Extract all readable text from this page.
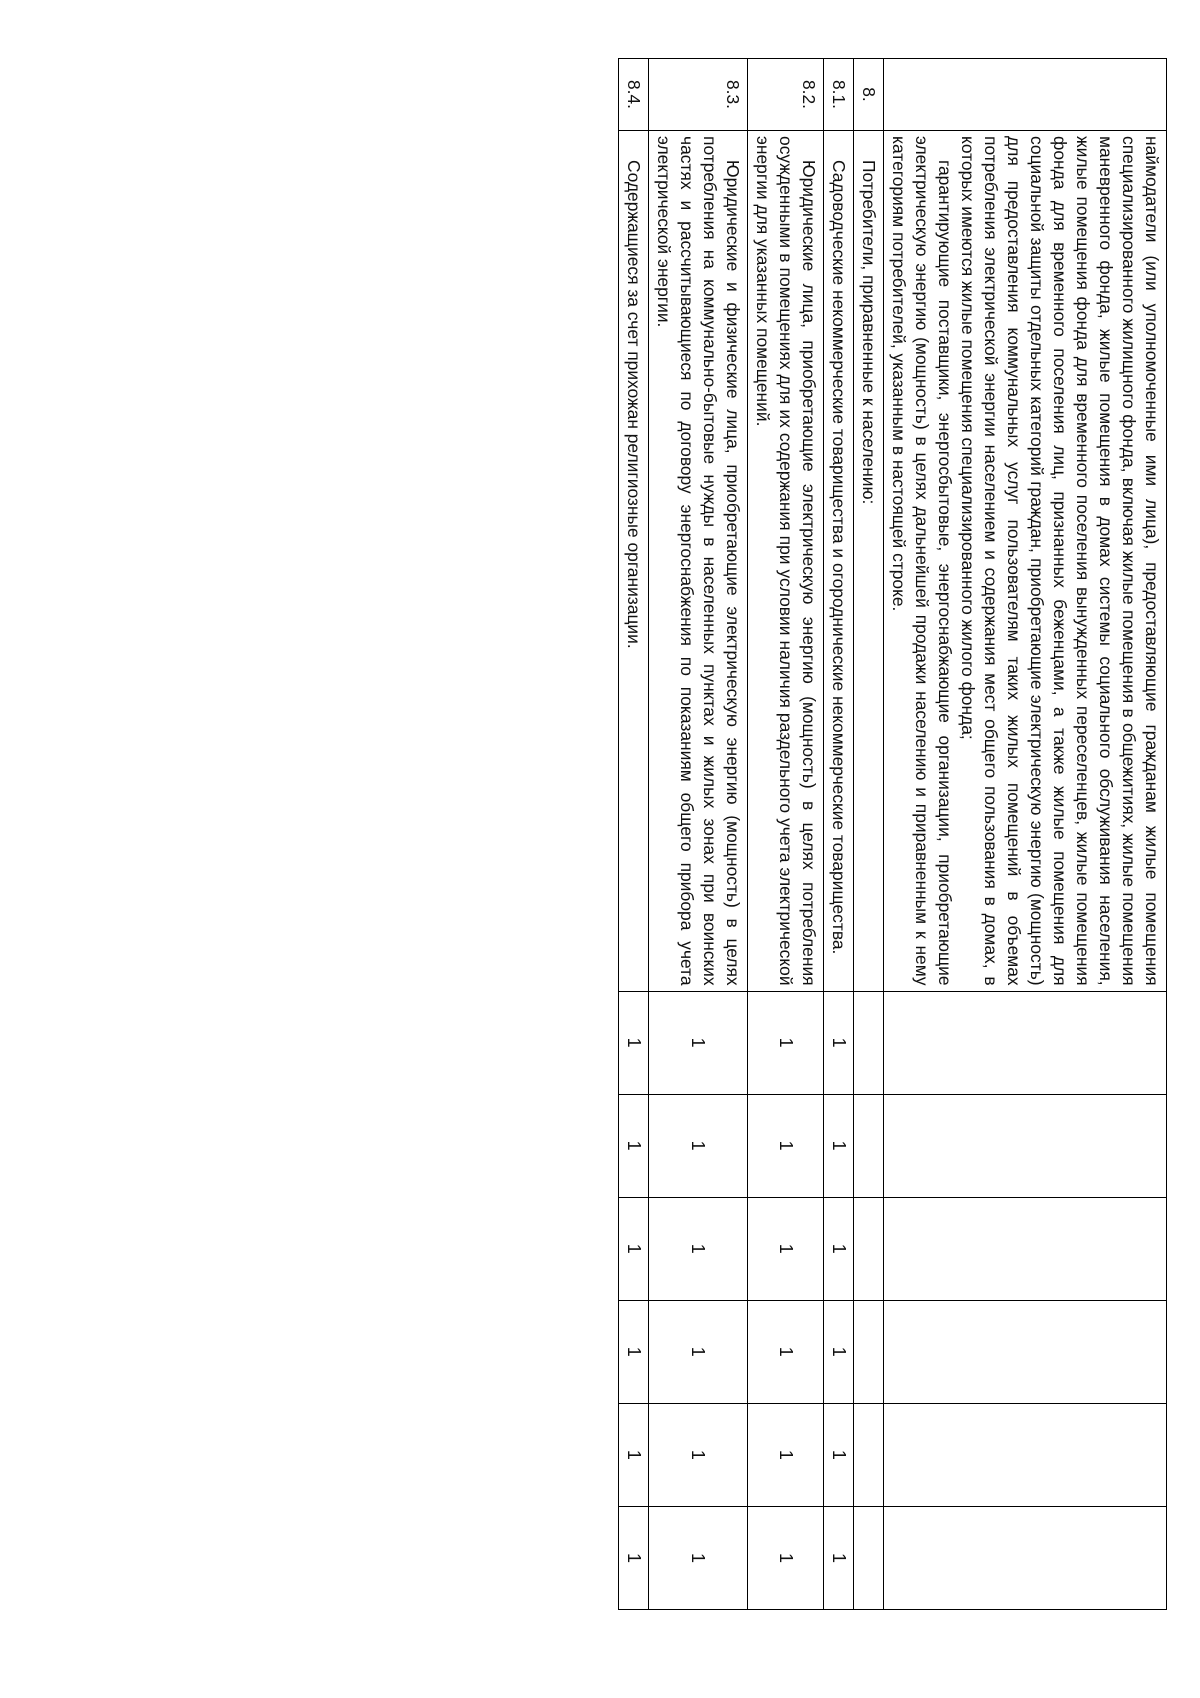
	наймодатели (или уполномоченные ими лица), предоставляющие гражданам жилые помещения специализированного жилищного фонда, включая жилые помещения в общежитиях, жилые помещения маневренного фонда, жилые помещения в домах системы социального обслуживания населения, жилые помещения фонда для временного поселения вынужденных переселенцев, жилые помещения фонда для временного поселения лиц, признанных беженцами, а также жилые помещения для социальной защиты отдельных категорий граждан, приобретающие электрическую энергию (мощность) для предоставления коммунальных услуг пользователям таких жилых помещений в объемах потребления электрической энергии населением и содержания мест общего пользования в домах, в которых имеются жилые помещения специализированного жилого фонда;

гарантирующие поставщики, энергосбытовые, энергоснабжающие организации, приобретающие электрическую энергию (мощность) в целях дальнейшей продажи населению и приравненным к нему категориям потребителей, указанным в настоящей строке.						

8.	Потребители, приравненные к населению:						

8.1.	Садоводческие некоммерческие товарищества и огороднические некоммерческие товарищества.	1	1	1	1	1	1
8.2.	Юридические лица, приобретающие электрическую энергию (мощность) в целях потребления осужденными в помещениях для их содержания при условии наличия раздельного учета электрической энергии для указанных помещений.	1	1	1	1	1	1
8.3.	Юридические и физические лица, приобретающие электрическую энергию (мощность) в целях потребления на коммунально-бытовые нужды в населенных пунктах и жилых зонах при воинских частях и рассчитывающиеся по договору энергоснабжения по показаниям общего прибора учета электрической энергии.	1	1	1	1	1	1
8.4.	Содержащиеся за счет прихожан религиозные организации.	1	1	1	1	1	1
